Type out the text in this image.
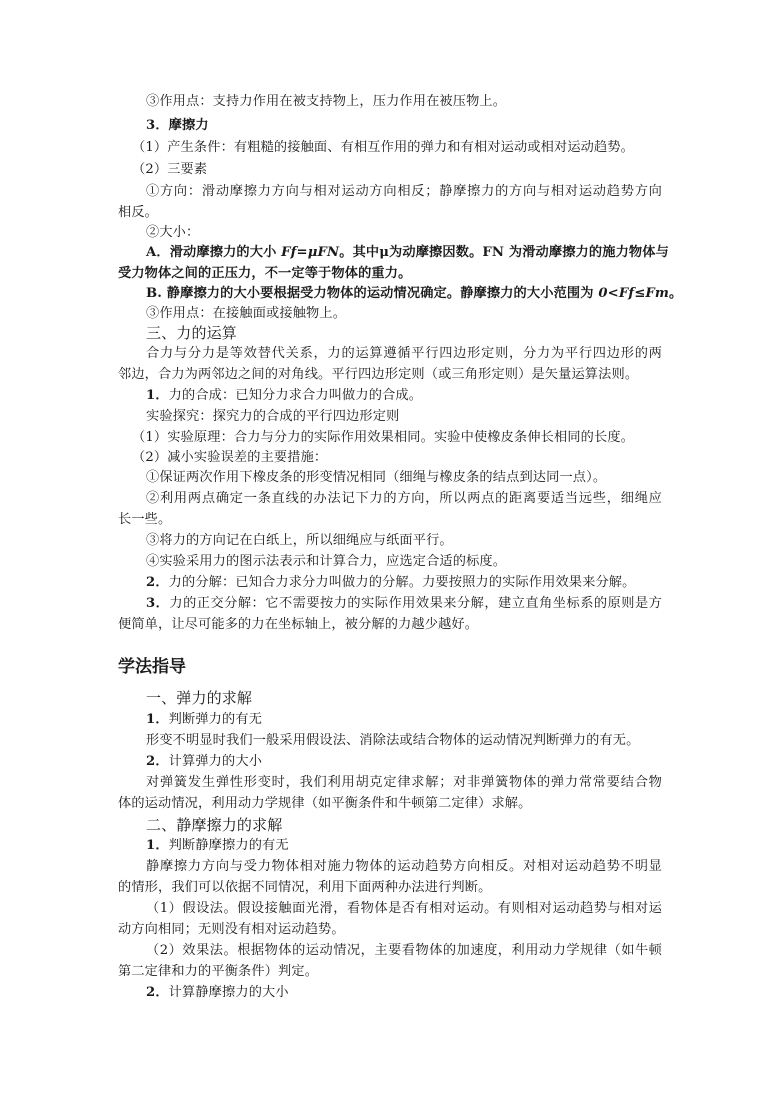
③作用点：支持力作用在被支持物上，压力作用在被压物上。
3．摩擦力
（1）产生条件：有粗糙的接触面、有相互作用的弹力和有相对运动或相对运动趋势。
（2）三要素
①方向：滑动摩擦力方向与相对运动方向相反；静摩擦力的方向与相对运动趋势方向
相反。
②大小：
A．滑动摩擦力的大小 Ff=μFN。其中μ为动摩擦因数。FN 为滑动摩擦力的施力物体与
受力物体之间的正压力，不一定等于物体的重力。
B. 静摩擦力的大小要根据受力物体的运动情况确定。静摩擦力的大小范围为 0<Ff≤Fm。
③作用点：在接触面或接触物上。
三、力的运算
合力与分力是等效替代关系，力的运算遵循平行四边形定则，分力为平行四边形的两
邻边，合力为两邻边之间的对角线。平行四边形定则（或三角形定则）是矢量运算法则。
1．力的合成：已知分力求合力叫做力的合成。
实验探究：探究力的合成的平行四边形定则
（1）实验原理：合力与分力的实际作用效果相同。实验中使橡皮条伸长相同的长度。
（2）减小实验误差的主要措施：
①保证两次作用下橡皮条的形变情况相同（细绳与橡皮条的结点到达同一点）。
②利用两点确定一条直线的办法记下力的方向，所以两点的距离要适当远些，细绳应
长一些。
③将力的方向记在白纸上，所以细绳应与纸面平行。
④实验采用力的图示法表示和计算合力，应选定合适的标度。
2．力的分解：已知合力求分力叫做力的分解。力要按照力的实际作用效果来分解。
3．力的正交分解：它不需要按力的实际作用效果来分解，建立直角坐标系的原则是方
便简单，让尽可能多的力在坐标轴上，被分解的力越少越好。
学法指导
一、弹力的求解
1．判断弹力的有无
形变不明显时我们一般采用假设法、消除法或结合物体的运动情况判断弹力的有无。
2．计算弹力的大小
对弹簧发生弹性形变时，我们利用胡克定律求解；对非弹簧物体的弹力常常要结合物
体的运动情况，利用动力学规律（如平衡条件和牛顿第二定律）求解。
二、静摩擦力的求解
1．判断静摩擦力的有无
静摩擦力方向与受力物体相对施力物体的运动趋势方向相反。对相对运动趋势不明显
的情形，我们可以依据不同情况，利用下面两种办法进行判断。
（1）假设法。假设接触面光滑，看物体是否有相对运动。有则相对运动趋势与相对运
动方向相同；无则没有相对运动趋势。
（2）效果法。根据物体的运动情况，主要看物体的加速度，利用动力学规律（如牛顿
第二定律和力的平衡条件）判定。
2．计算静摩擦力的大小
